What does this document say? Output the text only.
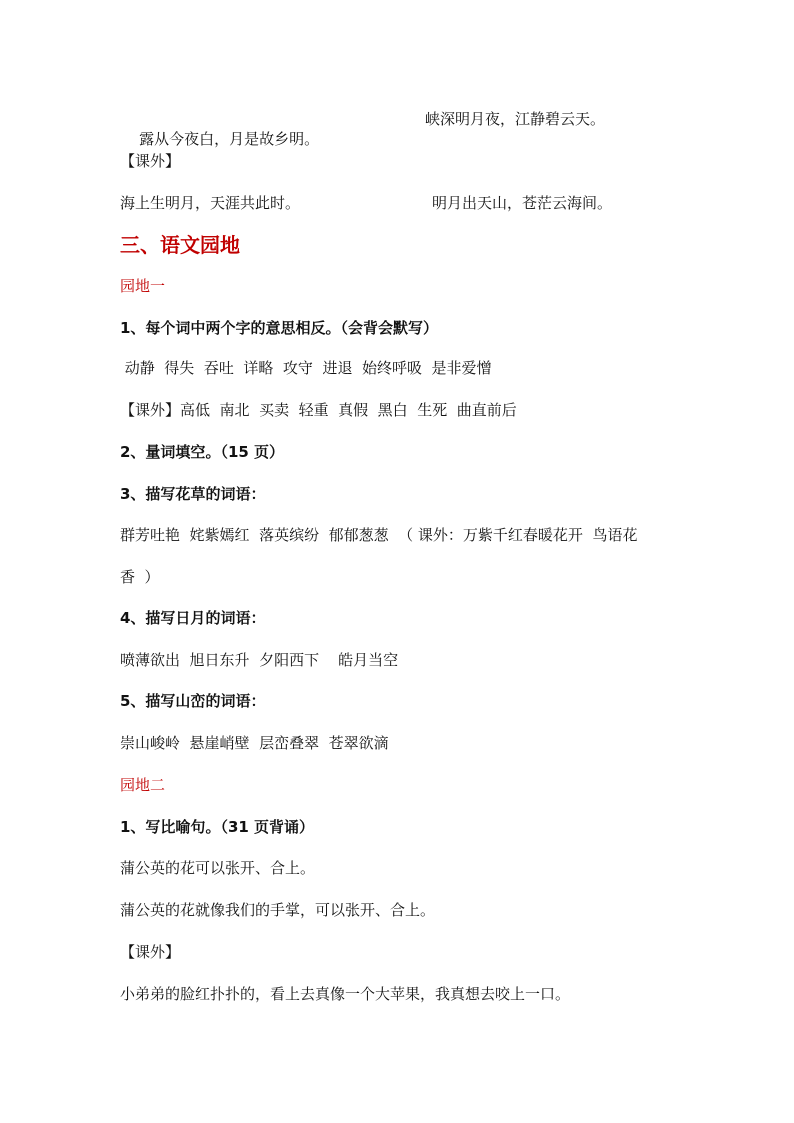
露从今夜白，月是故乡明。

峡深明月夜，江静碧云天。
【课外】
海上生明月，天涯共此时。	明月出天山，苍茫云海间。
三、语文园地
园地一
1、每个词中两个字的意思相反。（会背会默写）
动静  得失  吞吐  详略  攻守  进退  始终呼吸  是非爱憎
【课外】高低  南北  买卖  轻重  真假  黑白  生死  曲直前后
2、量词填空。（15 页）
3、描写花草的词语：
群芳吐艳  姹紫嫣红  落英缤纷  郁郁葱葱  （ 课外：万紫千红春暖花开  鸟语花
香  ）
4、描写日月的词语：
喷薄欲出  旭日东升  夕阳西下    皓月当空
5、描写山峦的词语：
崇山峻岭  悬崖峭壁  层峦叠翠  苍翠欲滴
园地二
1、写比喻句。（31 页背诵）
蒲公英的花可以张开、合上。
蒲公英的花就像我们的手掌，可以张开、合上。
【课外】
小弟弟的脸红扑扑的，看上去真像一个大苹果，我真想去咬上一口。
